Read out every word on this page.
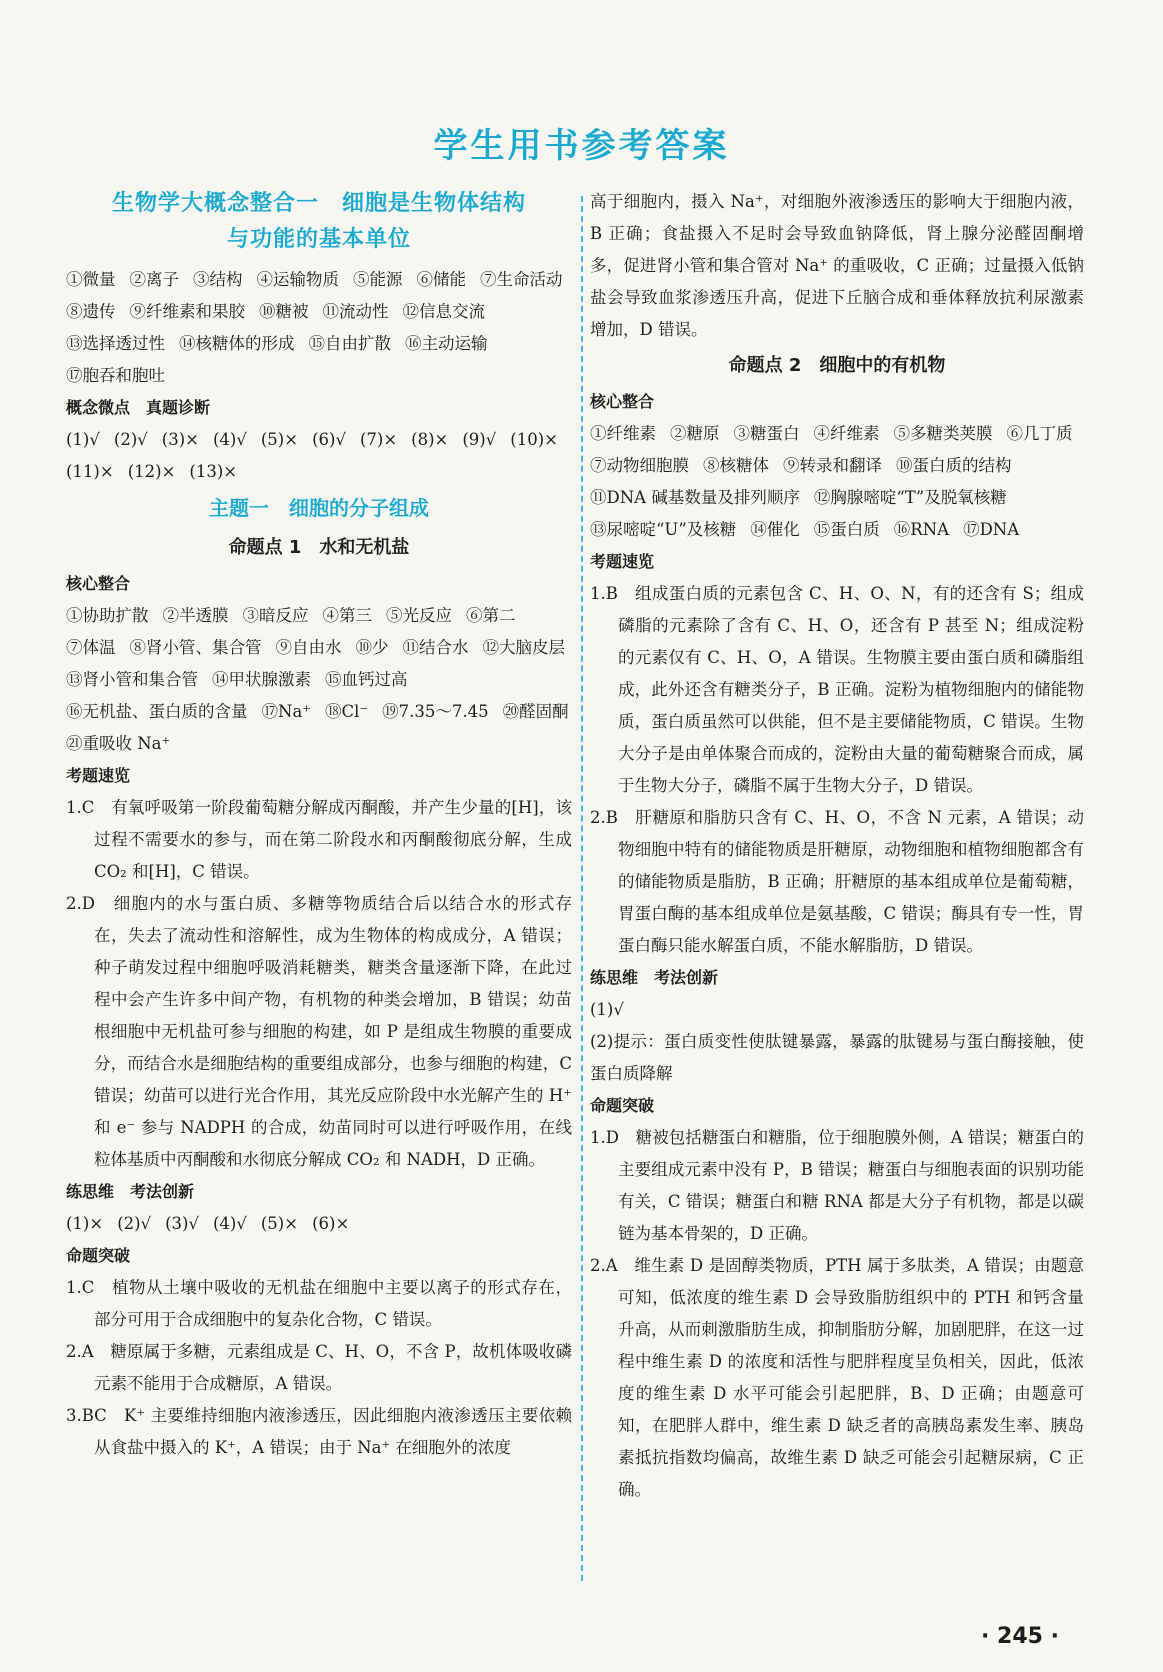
学生用书参考答案
生物学大概念整合一　细胞是生物体结构
与功能的基本单位
①微量 ②离子 ③结构 ④运输物质 ⑤能源 ⑥储能 ⑦生命活动
⑧遗传 ⑨纤维素和果胶 ⑩糖被 ⑪流动性 ⑫信息交流
⑬选择透过性 ⑭核糖体的形成 ⑮自由扩散 ⑯主动运输
⑰胞吞和胞吐
概念微点　真题诊断
(1)√ (2)√ (3)× (4)√ (5)× (6)√ (7)× (8)× (9)√ (10)×
(11)× (12)× (13)×
主题一　细胞的分子组成
命题点 1　水和无机盐
核心整合
①协助扩散 ②半透膜 ③暗反应 ④第三 ⑤光反应 ⑥第二
⑦体温 ⑧肾小管、集合管 ⑨自由水 ⑩少 ⑪结合水 ⑫大脑皮层
⑬肾小管和集合管 ⑭甲状腺激素 ⑮血钙过高
⑯无机盐、蛋白质的含量 ⑰Na⁺ ⑱Cl⁻ ⑲7.35～7.45 ⑳醛固酮
㉑重吸收 Na⁺
考题速览
1.C　有氧呼吸第一阶段葡萄糖分解成丙酮酸，并产生少量的[H]，该过程不需要水的参与，而在第二阶段水和丙酮酸彻底分解，生成 CO₂ 和[H]，C 错误。
2.D　细胞内的水与蛋白质、多糖等物质结合后以结合水的形式存在，失去了流动性和溶解性，成为生物体的构成成分，A 错误；种子萌发过程中细胞呼吸消耗糖类，糖类含量逐渐下降，在此过程中会产生许多中间产物，有机物的种类会增加，B 错误；幼苗根细胞中无机盐可参与细胞的构建，如 P 是组成生物膜的重要成分，而结合水是细胞结构的重要组成部分，也参与细胞的构建，C 错误；幼苗可以进行光合作用，其光反应阶段中水光解产生的 H⁺ 和 e⁻ 参与 NADPH 的合成，幼苗同时可以进行呼吸作用，在线粒体基质中丙酮酸和水彻底分解成 CO₂ 和 NADH，D 正确。
练思维　考法创新
(1)× (2)√ (3)√ (4)√ (5)× (6)×
命题突破
1.C　植物从土壤中吸收的无机盐在细胞中主要以离子的形式存在，部分可用于合成细胞中的复杂化合物，C 错误。
2.A　糖原属于多糖，元素组成是 C、H、O，不含 P，故机体吸收磷元素不能用于合成糖原，A 错误。
3.BC　K⁺ 主要维持细胞内液渗透压，因此细胞内液渗透压主要依赖从食盐中摄入的 K⁺，A 错误；由于 Na⁺ 在细胞外的浓度
高于细胞内，摄入 Na⁺，对细胞外液渗透压的影响大于细胞内液，B 正确；食盐摄入不足时会导致血钠降低，肾上腺分泌醛固酮增多，促进肾小管和集合管对 Na⁺ 的重吸收，C 正确；过量摄入低钠盐会导致血浆渗透压升高，促进下丘脑合成和垂体释放抗利尿激素增加，D 错误。
命题点 2　细胞中的有机物
核心整合
①纤维素 ②糖原 ③糖蛋白 ④纤维素 ⑤多糖类荚膜 ⑥几丁质
⑦动物细胞膜 ⑧核糖体 ⑨转录和翻译 ⑩蛋白质的结构
⑪DNA 碱基数量及排列顺序 ⑫胸腺嘧啶“T”及脱氧核糖
⑬尿嘧啶“U”及核糖 ⑭催化 ⑮蛋白质 ⑯RNA ⑰DNA
考题速览
1.B　组成蛋白质的元素包含 C、H、O、N，有的还含有 S；组成磷脂的元素除了含有 C、H、O，还含有 P 甚至 N；组成淀粉的元素仅有 C、H、O，A 错误。生物膜主要由蛋白质和磷脂组成，此外还含有糖类分子，B 正确。淀粉为植物细胞内的储能物质，蛋白质虽然可以供能，但不是主要储能物质，C 错误。生物大分子是由单体聚合而成的，淀粉由大量的葡萄糖聚合而成，属于生物大分子，磷脂不属于生物大分子，D 错误。
2.B　肝糖原和脂肪只含有 C、H、O，不含 N 元素，A 错误；动物细胞中特有的储能物质是肝糖原，动物细胞和植物细胞都含有的储能物质是脂肪，B 正确；肝糖原的基本组成单位是葡萄糖，胃蛋白酶的基本组成单位是氨基酸，C 错误；酶具有专一性，胃蛋白酶只能水解蛋白质，不能水解脂肪，D 错误。
练思维　考法创新
(1)√
(2)提示：蛋白质变性使肽键暴露，暴露的肽键易与蛋白酶接触，使蛋白质降解
命题突破
1.D　糖被包括糖蛋白和糖脂，位于细胞膜外侧，A 错误；糖蛋白的主要组成元素中没有 P，B 错误；糖蛋白与细胞表面的识别功能有关，C 错误；糖蛋白和糖 RNA 都是大分子有机物，都是以碳链为基本骨架的，D 正确。
2.A　维生素 D 是固醇类物质，PTH 属于多肽类，A 错误；由题意可知，低浓度的维生素 D 会导致脂肪组织中的 PTH 和钙含量升高，从而刺激脂肪生成，抑制脂肪分解，加剧肥胖，在这一过程中维生素 D 的浓度和活性与肥胖程度呈负相关，因此，低浓度的维生素 D 水平可能会引起肥胖，B、D 正确；由题意可知，在肥胖人群中，维生素 D 缺乏者的高胰岛素发生率、胰岛素抵抗指数均偏高，故维生素 D 缺乏可能会引起糖尿病，C 正确。
· 245 ·
